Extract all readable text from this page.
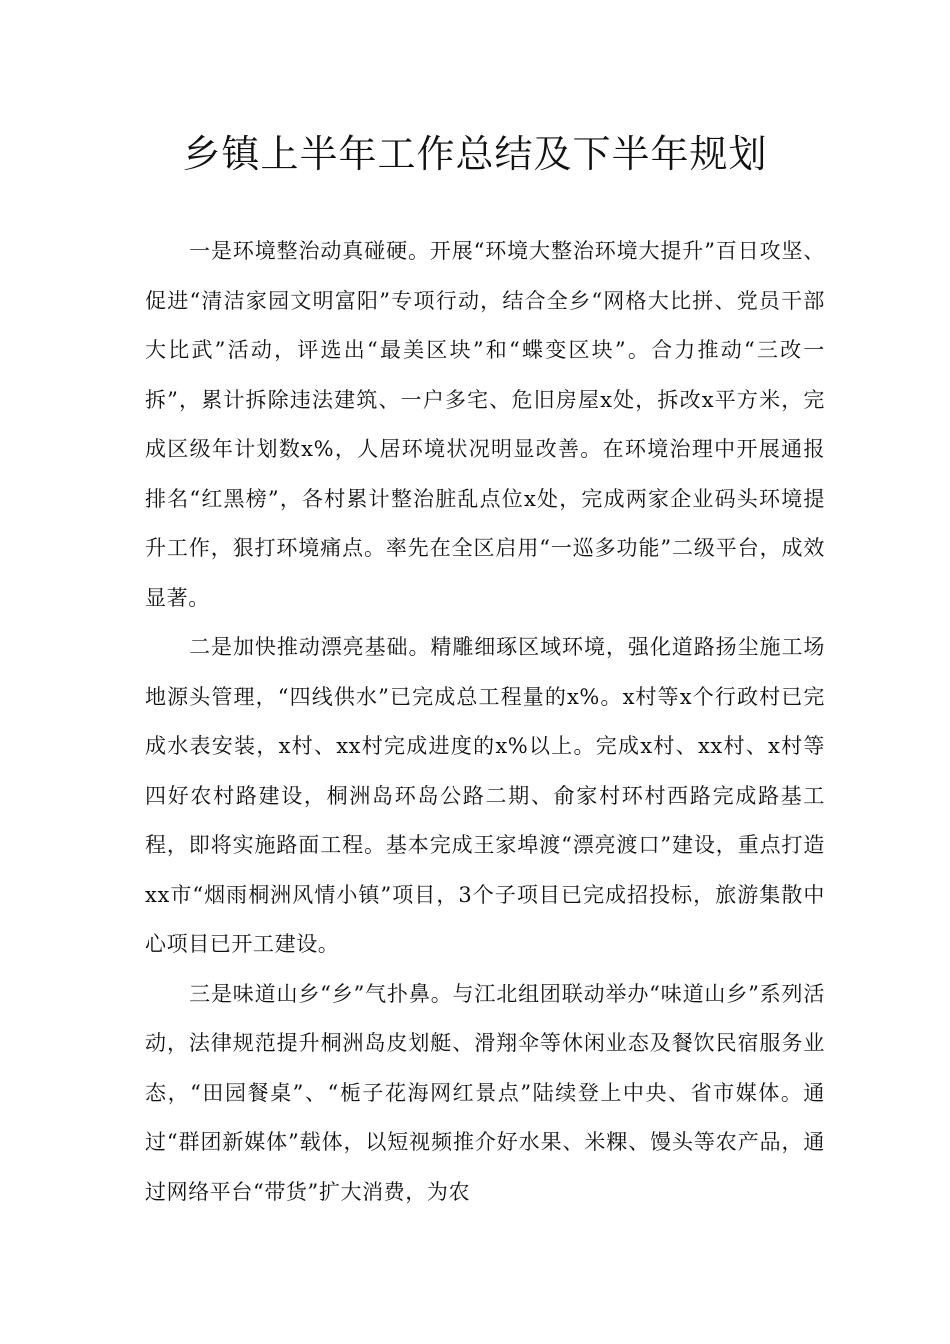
乡镇上半年工作总结及下半年规划

一是环境整治动真碰硬。开展“环境大整治环境大提升”百日攻坚、促进“清洁家园文明富阳”专项行动，结合全乡“网格大比拼、党员干部大比武”活动，评选出“最美区块”和“蝶变区块”。合力推动“三改一拆”，累计拆除违法建筑、一户多宅、危旧房屋x处，拆改x平方米，完成区级年计划数x%，人居环境状况明显改善。在环境治理中开展通报排名“红黑榜”，各村累计整治脏乱点位x处，完成两家企业码头环境提升工作，狠打环境痛点。率先在全区启用“一巡多功能”二级平台，成效显著。

二是加快推动漂亮基础。精雕细琢区域环境，强化道路扬尘施工场地源头管理，“四线供水”已完成总工程量的x%。x村等x个行政村已完成水表安装，x村、xx村完成进度的x%以上。完成x村、xx村、x村等四好农村路建设，桐洲岛环岛公路二期、俞家村环村西路完成路基工程，即将实施路面工程。基本完成王家埠渡“漂亮渡口”建设，重点打造xx市“烟雨桐洲风情小镇”项目，3个子项目已完成招投标，旅游集散中心项目已开工建设。

三是味道山乡“乡”气扑鼻。与江北组团联动举办“味道山乡”系列活动，法律规范提升桐洲岛皮划艇、滑翔伞等休闲业态及餐饮民宿服务业态，“田园餐桌”、“栀子花海网红景点”陆续登上中央、省市媒体。通过“群团新媒体”载体，以短视频推介好水果、米粿、馒头等农产品，通过网络平台“带货”扩大消费，为农
